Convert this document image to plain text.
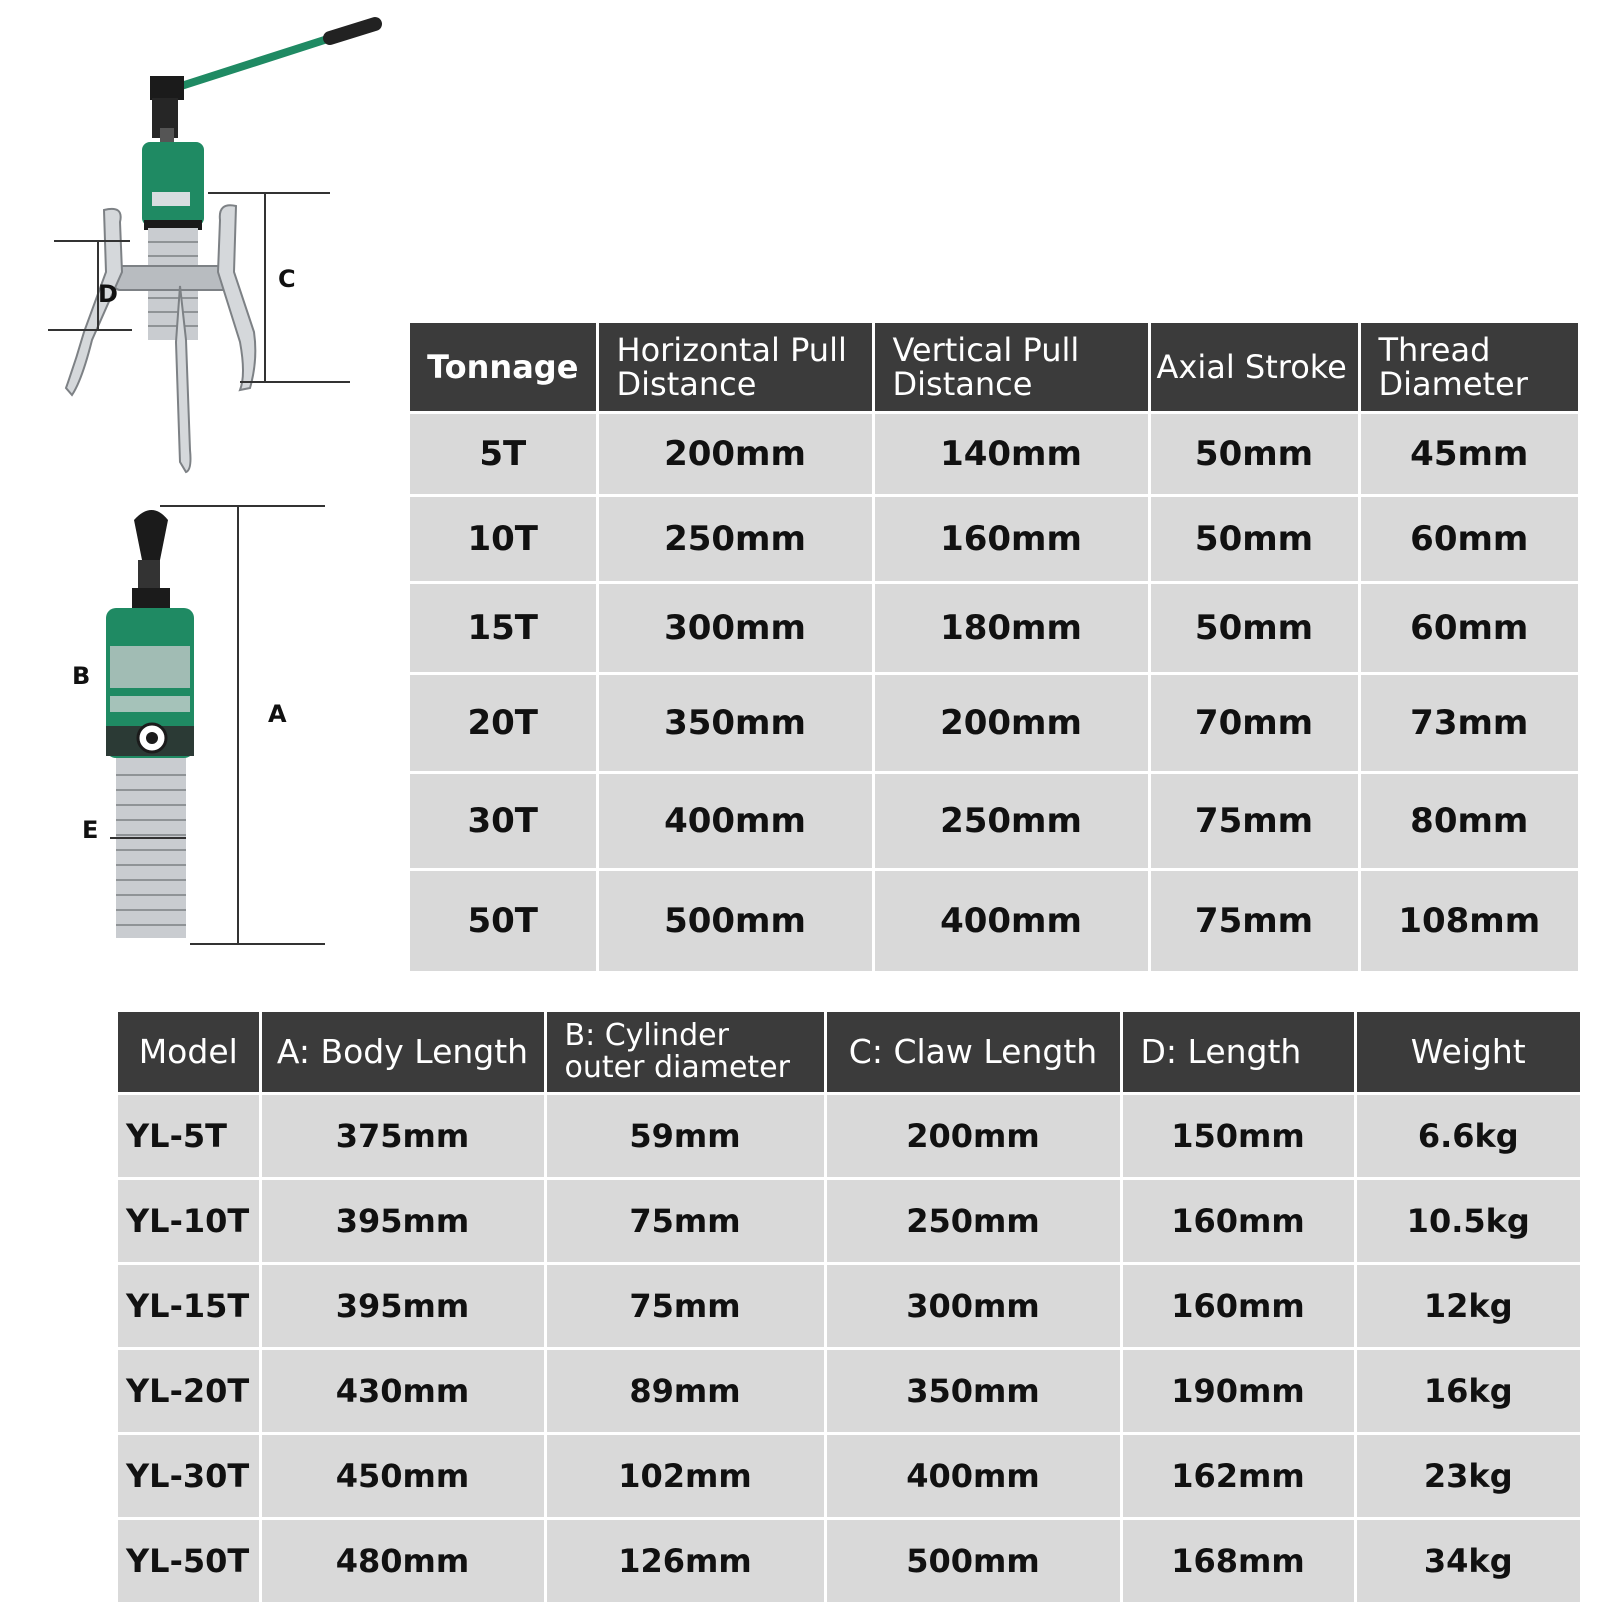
D
C
B
A
E
Tonnage	Horizontal Pull Distance	Vertical Pull Distance	Axial Stroke	Thread Diameter
5T	200mm	140mm	50mm	45mm
10T	250mm	160mm	50mm	60mm
15T	300mm	180mm	50mm	60mm
20T	350mm	200mm	70mm	73mm
30T	400mm	250mm	75mm	80mm
50T	500mm	400mm	75mm	108mm
Model	A: Body Length	B: Cylinder outer diameter	C: Claw Length	D: Length	Weight
YL-5T	375mm	59mm	200mm	150mm	6.6kg
YL-10T	395mm	75mm	250mm	160mm	10.5kg
YL-15T	395mm	75mm	300mm	160mm	12kg
YL-20T	430mm	89mm	350mm	190mm	16kg
YL-30T	450mm	102mm	400mm	162mm	23kg
YL-50T	480mm	126mm	500mm	168mm	34kg
